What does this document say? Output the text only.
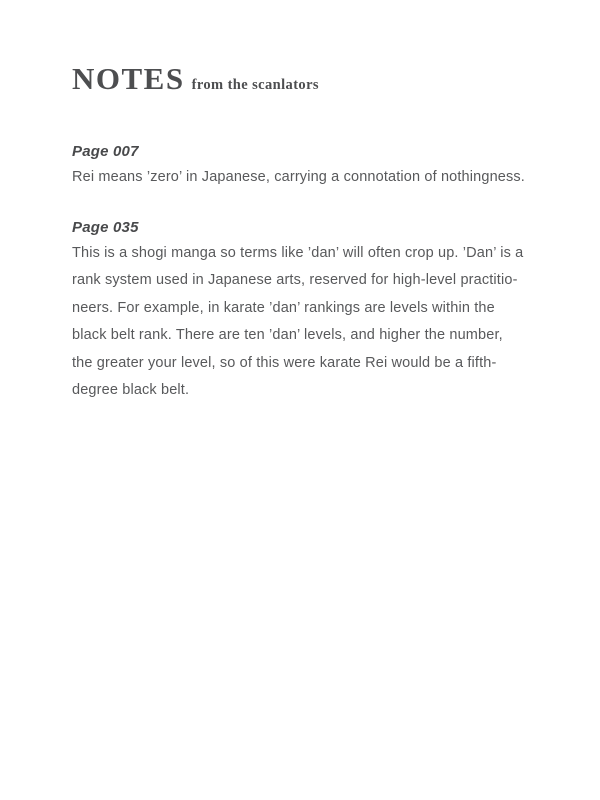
NOTES from the scanlators
Page 007

Rei means ’zero’ in Japanese, carrying a connotation of nothingness.

Page 035

This is a shogi manga so terms like ’dan’ will often crop up. ’Dan’ is a
rank system used in Japanese arts, reserved for high-level practitio-
neers. For example, in karate ’dan’ rankings are levels within the
black belt rank. There are ten ’dan’ levels, and higher the number,
the greater your level, so of this were karate Rei would be a fifth-
degree black belt.
